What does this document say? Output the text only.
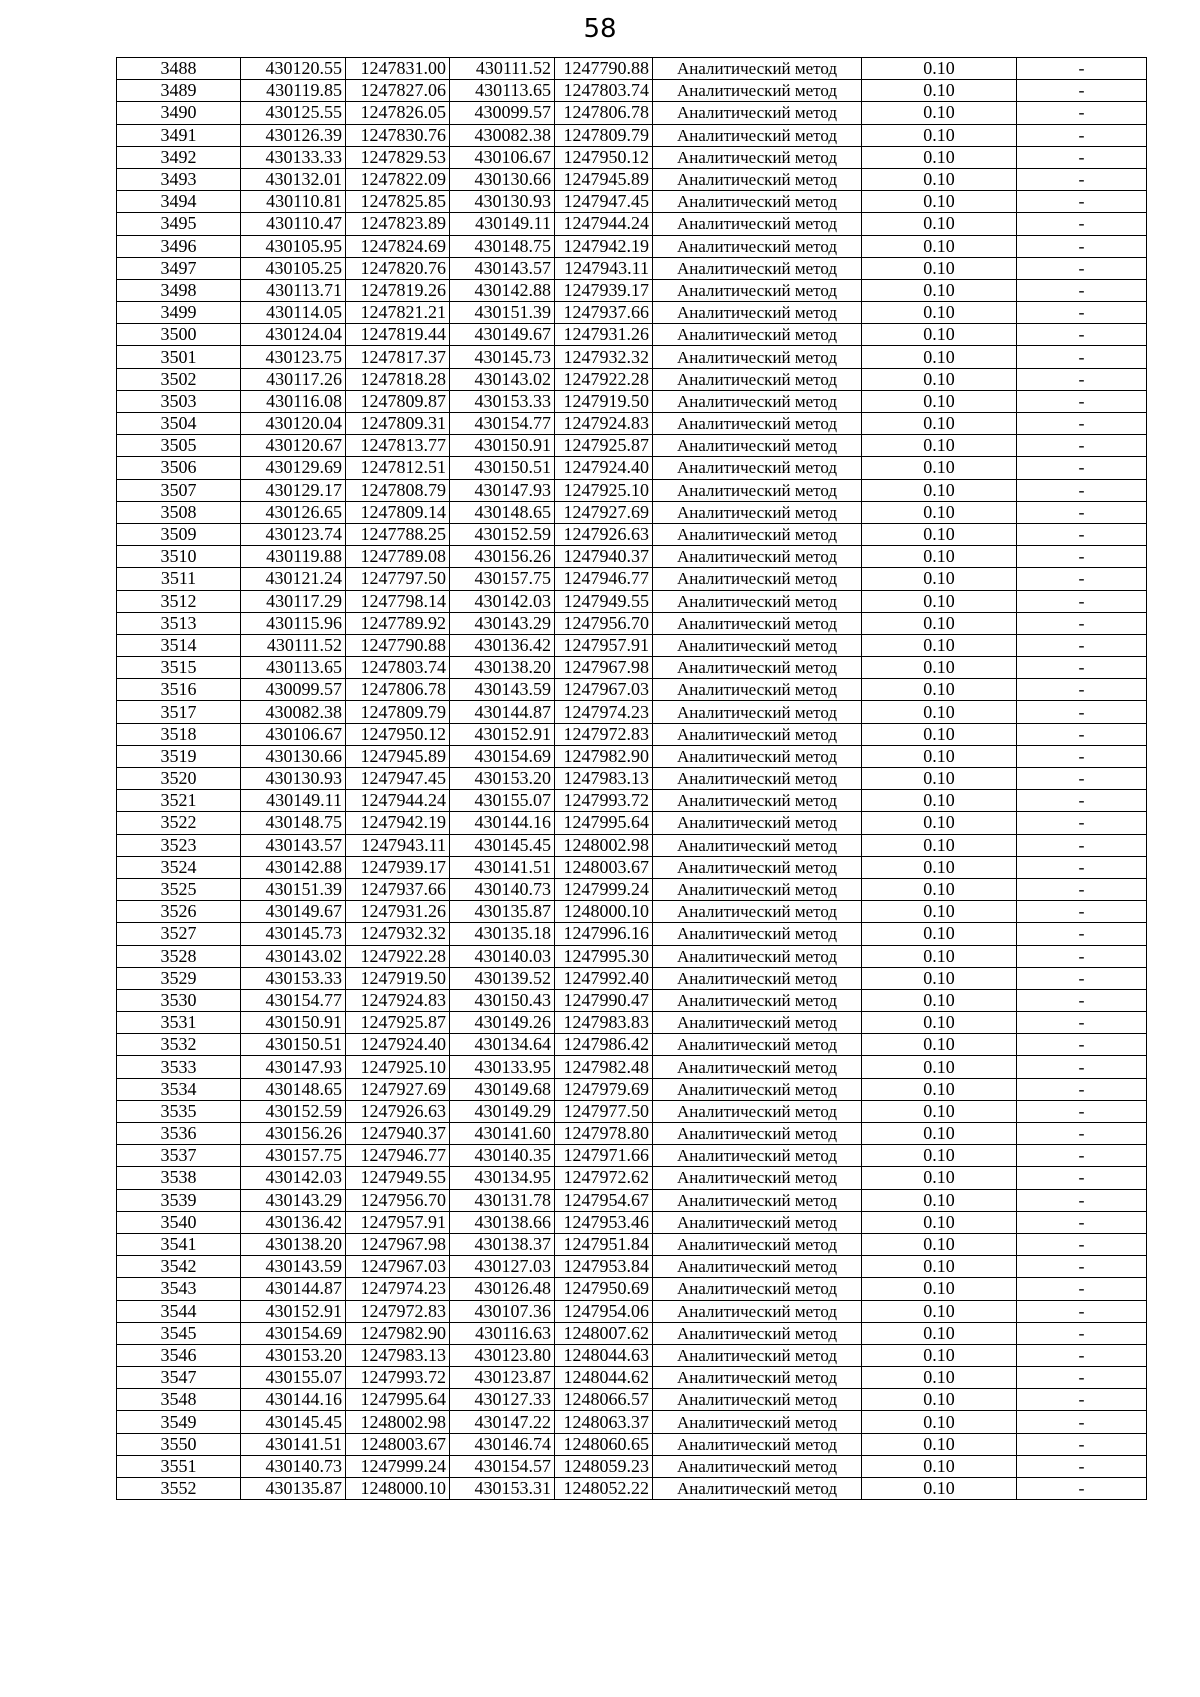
58
3488	430120.55	1247831.00	430111.52	1247790.88	Аналитический метод	0.10	-
3489	430119.85	1247827.06	430113.65	1247803.74	Аналитический метод	0.10	-
3490	430125.55	1247826.05	430099.57	1247806.78	Аналитический метод	0.10	-
3491	430126.39	1247830.76	430082.38	1247809.79	Аналитический метод	0.10	-
3492	430133.33	1247829.53	430106.67	1247950.12	Аналитический метод	0.10	-
3493	430132.01	1247822.09	430130.66	1247945.89	Аналитический метод	0.10	-
3494	430110.81	1247825.85	430130.93	1247947.45	Аналитический метод	0.10	-
3495	430110.47	1247823.89	430149.11	1247944.24	Аналитический метод	0.10	-
3496	430105.95	1247824.69	430148.75	1247942.19	Аналитический метод	0.10	-
3497	430105.25	1247820.76	430143.57	1247943.11	Аналитический метод	0.10	-
3498	430113.71	1247819.26	430142.88	1247939.17	Аналитический метод	0.10	-
3499	430114.05	1247821.21	430151.39	1247937.66	Аналитический метод	0.10	-
3500	430124.04	1247819.44	430149.67	1247931.26	Аналитический метод	0.10	-
3501	430123.75	1247817.37	430145.73	1247932.32	Аналитический метод	0.10	-
3502	430117.26	1247818.28	430143.02	1247922.28	Аналитический метод	0.10	-
3503	430116.08	1247809.87	430153.33	1247919.50	Аналитический метод	0.10	-
3504	430120.04	1247809.31	430154.77	1247924.83	Аналитический метод	0.10	-
3505	430120.67	1247813.77	430150.91	1247925.87	Аналитический метод	0.10	-
3506	430129.69	1247812.51	430150.51	1247924.40	Аналитический метод	0.10	-
3507	430129.17	1247808.79	430147.93	1247925.10	Аналитический метод	0.10	-
3508	430126.65	1247809.14	430148.65	1247927.69	Аналитический метод	0.10	-
3509	430123.74	1247788.25	430152.59	1247926.63	Аналитический метод	0.10	-
3510	430119.88	1247789.08	430156.26	1247940.37	Аналитический метод	0.10	-
3511	430121.24	1247797.50	430157.75	1247946.77	Аналитический метод	0.10	-
3512	430117.29	1247798.14	430142.03	1247949.55	Аналитический метод	0.10	-
3513	430115.96	1247789.92	430143.29	1247956.70	Аналитический метод	0.10	-
3514	430111.52	1247790.88	430136.42	1247957.91	Аналитический метод	0.10	-
3515	430113.65	1247803.74	430138.20	1247967.98	Аналитический метод	0.10	-
3516	430099.57	1247806.78	430143.59	1247967.03	Аналитический метод	0.10	-
3517	430082.38	1247809.79	430144.87	1247974.23	Аналитический метод	0.10	-
3518	430106.67	1247950.12	430152.91	1247972.83	Аналитический метод	0.10	-
3519	430130.66	1247945.89	430154.69	1247982.90	Аналитический метод	0.10	-
3520	430130.93	1247947.45	430153.20	1247983.13	Аналитический метод	0.10	-
3521	430149.11	1247944.24	430155.07	1247993.72	Аналитический метод	0.10	-
3522	430148.75	1247942.19	430144.16	1247995.64	Аналитический метод	0.10	-
3523	430143.57	1247943.11	430145.45	1248002.98	Аналитический метод	0.10	-
3524	430142.88	1247939.17	430141.51	1248003.67	Аналитический метод	0.10	-
3525	430151.39	1247937.66	430140.73	1247999.24	Аналитический метод	0.10	-
3526	430149.67	1247931.26	430135.87	1248000.10	Аналитический метод	0.10	-
3527	430145.73	1247932.32	430135.18	1247996.16	Аналитический метод	0.10	-
3528	430143.02	1247922.28	430140.03	1247995.30	Аналитический метод	0.10	-
3529	430153.33	1247919.50	430139.52	1247992.40	Аналитический метод	0.10	-
3530	430154.77	1247924.83	430150.43	1247990.47	Аналитический метод	0.10	-
3531	430150.91	1247925.87	430149.26	1247983.83	Аналитический метод	0.10	-
3532	430150.51	1247924.40	430134.64	1247986.42	Аналитический метод	0.10	-
3533	430147.93	1247925.10	430133.95	1247982.48	Аналитический метод	0.10	-
3534	430148.65	1247927.69	430149.68	1247979.69	Аналитический метод	0.10	-
3535	430152.59	1247926.63	430149.29	1247977.50	Аналитический метод	0.10	-
3536	430156.26	1247940.37	430141.60	1247978.80	Аналитический метод	0.10	-
3537	430157.75	1247946.77	430140.35	1247971.66	Аналитический метод	0.10	-
3538	430142.03	1247949.55	430134.95	1247972.62	Аналитический метод	0.10	-
3539	430143.29	1247956.70	430131.78	1247954.67	Аналитический метод	0.10	-
3540	430136.42	1247957.91	430138.66	1247953.46	Аналитический метод	0.10	-
3541	430138.20	1247967.98	430138.37	1247951.84	Аналитический метод	0.10	-
3542	430143.59	1247967.03	430127.03	1247953.84	Аналитический метод	0.10	-
3543	430144.87	1247974.23	430126.48	1247950.69	Аналитический метод	0.10	-
3544	430152.91	1247972.83	430107.36	1247954.06	Аналитический метод	0.10	-
3545	430154.69	1247982.90	430116.63	1248007.62	Аналитический метод	0.10	-
3546	430153.20	1247983.13	430123.80	1248044.63	Аналитический метод	0.10	-
3547	430155.07	1247993.72	430123.87	1248044.62	Аналитический метод	0.10	-
3548	430144.16	1247995.64	430127.33	1248066.57	Аналитический метод	0.10	-
3549	430145.45	1248002.98	430147.22	1248063.37	Аналитический метод	0.10	-
3550	430141.51	1248003.67	430146.74	1248060.65	Аналитический метод	0.10	-
3551	430140.73	1247999.24	430154.57	1248059.23	Аналитический метод	0.10	-
3552	430135.87	1248000.10	430153.31	1248052.22	Аналитический метод	0.10	-
